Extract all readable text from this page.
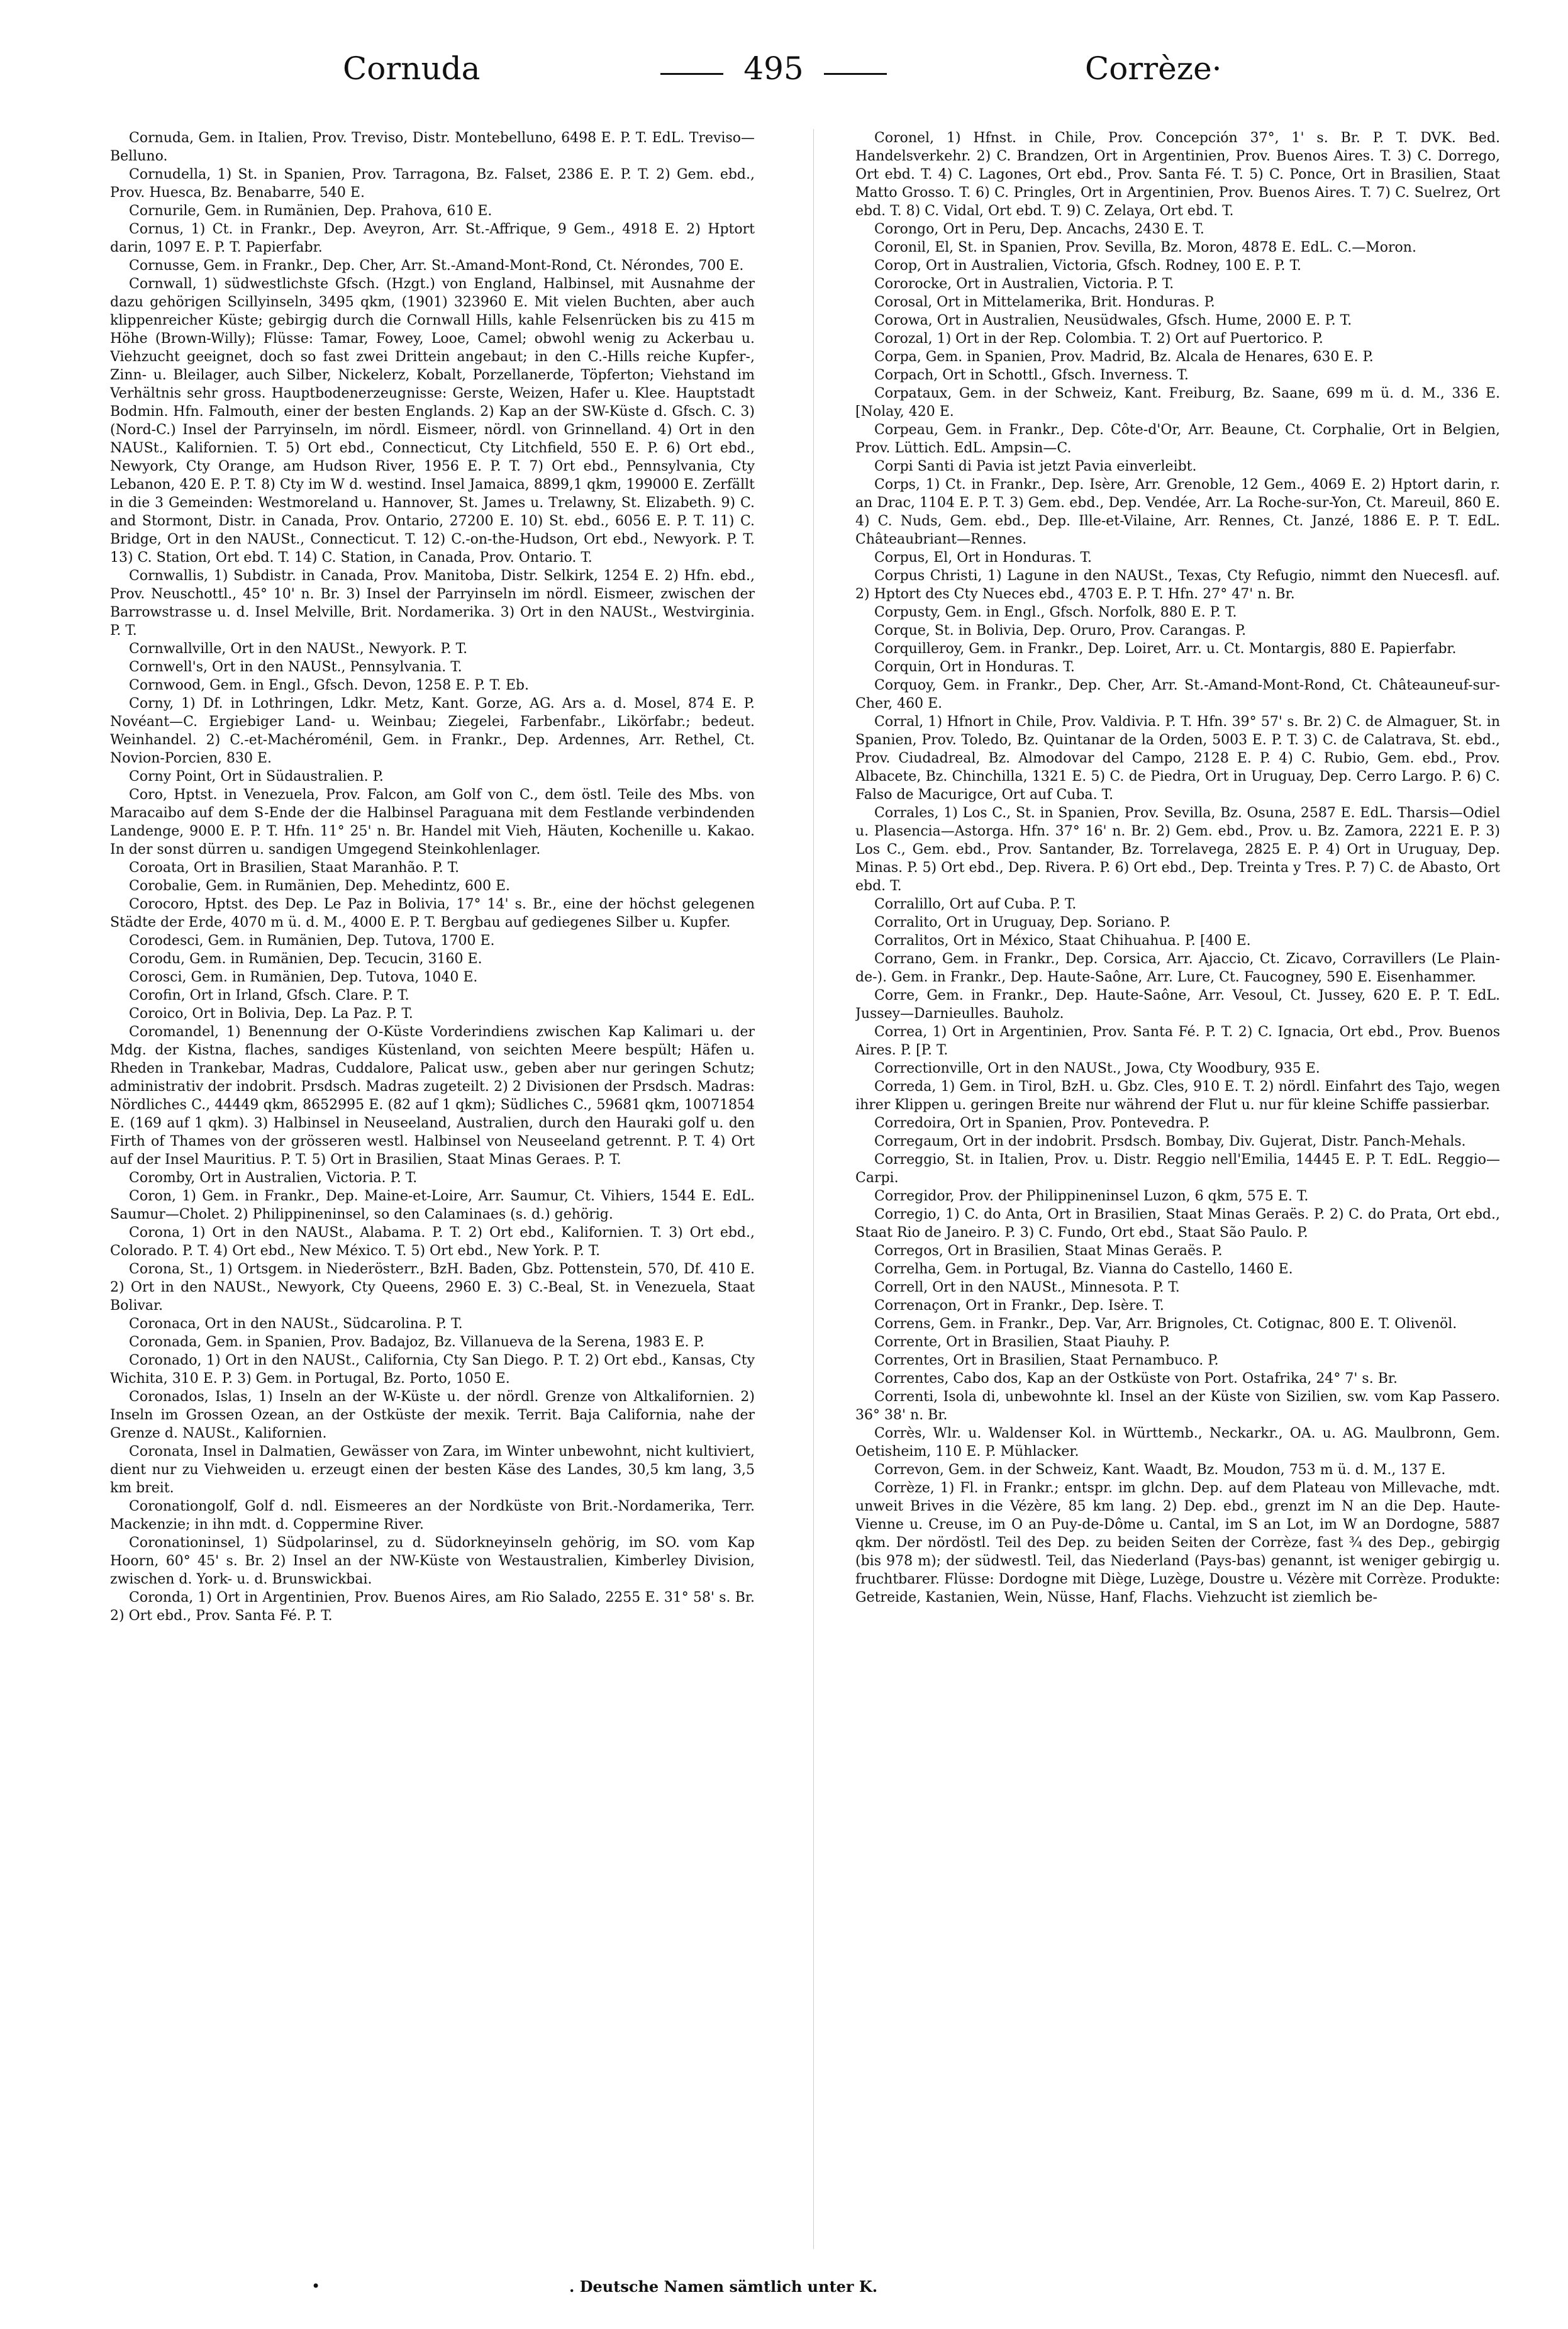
Cornuda	495	Corrèze·

Cornuda, Gem. in Italien, Prov. Treviso, Distr. Montebelluno, 6498 E. P. T. EdL. Treviso—Belluno.

Cornudella, 1) St. in Spanien, Prov. Tarragona, Bz. Falset, 2386 E. P. T. 2) Gem. ebd., Prov. Huesca, Bz. Benabarre, 540 E.

Cornurile, Gem. in Rumänien, Dep. Prahova, 610 E.

Cornus, 1) Ct. in Frankr., Dep. Aveyron, Arr. St.-Affrique, 9 Gem., 4918 E. 2) Hptort darin, 1097 E. P. T. Papierfabr.

Cornusse, Gem. in Frankr., Dep. Cher, Arr. St.-Amand-Mont-Rond, Ct. Nérondes, 700 E.

Cornwall, 1) südwestlichste Gfsch. (Hzgt.) von England, Halbinsel, mit Ausnahme der dazu gehörigen Scillyinseln, 3495 qkm, (1901) 323960 E. Mit vielen Buchten, aber auch klippenreicher Küste; gebirgig durch die Cornwall Hills, kahle Felsenrücken bis zu 415 m Höhe (Brown-Willy); Flüsse: Tamar, Fowey, Looe, Camel; obwohl wenig zu Ackerbau u. Viehzucht geeignet, doch so fast zwei Drittein angebaut; in den C.-Hills reiche Kupfer-, Zinn- u. Bleilager, auch Silber, Nickelerz, Kobalt, Porzellanerde, Töpferton; Viehstand im Verhältnis sehr gross. Hauptbodenerzeugnisse: Gerste, Weizen, Hafer u. Klee. Hauptstadt Bodmin. Hfn. Falmouth, einer der besten Englands. 2) Kap an der SW-Küste d. Gfsch. C. 3) (Nord-C.) Insel der Parryinseln, im nördl. Eismeer, nördl. von Grinnelland. 4) Ort in den NAUSt., Kalifornien. T. 5) Ort ebd., Connecticut, Cty Litchfield, 550 E. P. 6) Ort ebd., Newyork, Cty Orange, am Hudson River, 1956 E. P. T. 7) Ort ebd., Pennsylvania, Cty Lebanon, 420 E. P. T. 8) Cty im W d. westind. Insel Jamaica, 8899,1 qkm, 199000 E. Zerfällt in die 3 Gemeinden: Westmoreland u. Hannover, St. James u. Trelawny, St. Elizabeth. 9) C. and Stormont, Distr. in Canada, Prov. Ontario, 27200 E. 10) St. ebd., 6056 E. P. T. 11) C. Bridge, Ort in den NAUSt., Connecticut. T. 12) C.-on-the-Hudson, Ort ebd., Newyork. P. T. 13) C. Station, Ort ebd. T. 14) C. Station, in Canada, Prov. Ontario. T.

Cornwallis, 1) Subdistr. in Canada, Prov. Manitoba, Distr. Selkirk, 1254 E. 2) Hfn. ebd., Prov. Neuschottl., 45° 10' n. Br. 3) Insel der Parryinseln im nördl. Eismeer, zwischen der Barrowstrasse u. d. Insel Melville, Brit. Nordamerika. 3) Ort in den NAUSt., Westvirginia. P. T.

Cornwallville, Ort in den NAUSt., Newyork. P. T.

Cornwell's, Ort in den NAUSt., Pennsylvania. T.

Cornwood, Gem. in Engl., Gfsch. Devon, 1258 E. P. T. Eb.

Corny, 1) Df. in Lothringen, Ldkr. Metz, Kant. Gorze, AG. Ars a. d. Mosel, 874 E. P. Novéant—C. Ergiebiger Land- u. Weinbau; Ziegelei, Farbenfabr., Likörfabr.; bedeut. Weinhandel. 2) C.-et-Machéroménil, Gem. in Frankr., Dep. Ardennes, Arr. Rethel, Ct. Novion-Porcien, 830 E.

Corny Point, Ort in Südaustralien. P.

Coro, Hptst. in Venezuela, Prov. Falcon, am Golf von C., dem östl. Teile des Mbs. von Maracaibo auf dem S-Ende der die Halbinsel Paraguana mit dem Festlande verbindenden Landenge, 9000 E. P. T. Hfn. 11° 25' n. Br. Handel mit Vieh, Häuten, Kochenille u. Kakao. In der sonst dürren u. sandigen Umgegend Steinkohlenlager.

Coroata, Ort in Brasilien, Staat Maranhão. P. T.

Corobalie, Gem. in Rumänien, Dep. Mehedintz, 600 E.

Corocoro, Hptst. des Dep. Le Paz in Bolivia, 17° 14' s. Br., eine der höchst gelegenen Städte der Erde, 4070 m ü. d. M., 4000 E. P. T. Bergbau auf gediegenes Silber u. Kupfer.

Corodesci, Gem. in Rumänien, Dep. Tutova, 1700 E.

Corodu, Gem. in Rumänien, Dep. Tecucin, 3160 E.

Corosci, Gem. in Rumänien, Dep. Tutova, 1040 E.

Corofin, Ort in Irland, Gfsch. Clare. P. T.

Coroico, Ort in Bolivia, Dep. La Paz. P. T.

Coromandel, 1) Benennung der O-Küste Vorderindiens zwischen Kap Kalimari u. der Mdg. der Kistna, flaches, sandiges Küstenland, von seichten Meere bespült; Häfen u. Rheden in Trankebar, Madras, Cuddalore, Palicat usw., geben aber nur geringen Schutz; administrativ der indobrit. Prsdsch. Madras zugeteilt. 2) 2 Divisionen der Prsdsch. Madras: Nördliches C., 44449 qkm, 8652995 E. (82 auf 1 qkm); Südliches C., 59681 qkm, 10071854 E. (169 auf 1 qkm). 3) Halbinsel in Neuseeland, Australien, durch den Hauraki golf u. den Firth of Thames von der grösseren westl. Halbinsel von Neuseeland getrennt. P. T. 4) Ort auf der Insel Mauritius. P. T. 5) Ort in Brasilien, Staat Minas Geraes. P. T.

Coromby, Ort in Australien, Victoria. P. T.

Coron, 1) Gem. in Frankr., Dep. Maine-et-Loire, Arr. Saumur, Ct. Vihiers, 1544 E. EdL. Saumur—Cholet. 2) Philippineninsel, so den Calaminaes (s. d.) gehörig.

Corona, 1) Ort in den NAUSt., Alabama. P. T. 2) Ort ebd., Kalifornien. T. 3) Ort ebd., Colorado. P. T. 4) Ort ebd., New México. T. 5) Ort ebd., New York. P. T.

Corona, St., 1) Ortsgem. in Niederösterr., BzH. Baden, Gbz. Pottenstein, 570, Df. 410 E. 2) Ort in den NAUSt., Newyork, Cty Queens, 2960 E. 3) C.-Beal, St. in Venezuela, Staat Bolivar.

Coronaca, Ort in den NAUSt., Südcarolina. P. T.

Coronada, Gem. in Spanien, Prov. Badajoz, Bz. Villanueva de la Serena, 1983 E. P.

Coronado, 1) Ort in den NAUSt., California, Cty San Diego. P. T. 2) Ort ebd., Kansas, Cty Wichita, 310 E. P. 3) Gem. in Portugal, Bz. Porto, 1050 E.

Coronados, Islas, 1) Inseln an der W-Küste u. der nördl. Grenze von Altkalifornien. 2) Inseln im Grossen Ozean, an der Ostküste der mexik. Territ. Baja California, nahe der Grenze d. NAUSt., Kalifornien.

Coronata, Insel in Dalmatien, Gewässer von Zara, im Winter unbewohnt, nicht kultiviert, dient nur zu Viehweiden u. erzeugt einen der besten Käse des Landes, 30,5 km lang, 3,5 km breit.

Coronationgolf, Golf d. ndl. Eismeeres an der Nordküste von Brit.-Nordamerika, Terr. Mackenzie; in ihn mdt. d. Coppermine River.

Coronationinsel, 1) Südpolarinsel, zu d. Südorkneyinseln gehörig, im SO. vom Kap Hoorn, 60° 45' s. Br. 2) Insel an der NW-Küste von Westaustralien, Kimberley Division, zwischen d. York- u. d. Brunswickbai.

Coronda, 1) Ort in Argentinien, Prov. Buenos Aires, am Rio Salado, 2255 E. 31° 58' s. Br. 2) Ort ebd., Prov. Santa Fé. P. T.

Coronel, 1) Hfnst. in Chile, Prov. Concepción 37°, 1' s. Br. P. T. DVK. Bed. Handelsverkehr. 2) C. Brandzen, Ort in Argentinien, Prov. Buenos Aires. T. 3) C. Dorrego, Ort ebd. T. 4) C. Lagones, Ort ebd., Prov. Santa Fé. T. 5) C. Ponce, Ort in Brasilien, Staat Matto Grosso. T. 6) C. Pringles, Ort in Argentinien, Prov. Buenos Aires. T. 7) C. Suelrez, Ort ebd. T. 8) C. Vidal, Ort ebd. T. 9) C. Zelaya, Ort ebd. T.

Corongo, Ort in Peru, Dep. Ancachs, 2430 E. T.

Coronil, El, St. in Spanien, Prov. Sevilla, Bz. Moron, 4878 E. EdL. C.—Moron.

Corop, Ort in Australien, Victoria, Gfsch. Rodney, 100 E. P. T.

Cororocke, Ort in Australien, Victoria. P. T.

Corosal, Ort in Mittelamerika, Brit. Honduras. P.

Corowa, Ort in Australien, Neusüdwales, Gfsch. Hume, 2000 E. P. T.

Corozal, 1) Ort in der Rep. Colombia. T. 2) Ort auf Puertorico. P.

Corpa, Gem. in Spanien, Prov. Madrid, Bz. Alcala de Henares, 630 E. P.

Corpach, Ort in Schottl., Gfsch. Inverness. T.

Corpataux, Gem. in der Schweiz, Kant. Freiburg, Bz. Saane, 699 m ü. d. M., 336 E. [Nolay, 420 E.

Corpeau, Gem. in Frankr., Dep. Côte-d'Or, Arr. Beaune, Ct. Corphalie, Ort in Belgien, Prov. Lüttich. EdL. Ampsin—C.

Corpi Santi di Pavia ist jetzt Pavia einverleibt.

Corps, 1) Ct. in Frankr., Dep. Isère, Arr. Grenoble, 12 Gem., 4069 E. 2) Hptort darin, r. an Drac, 1104 E. P. T. 3) Gem. ebd., Dep. Vendée, Arr. La Roche-sur-Yon, Ct. Mareuil, 860 E. 4) C. Nuds, Gem. ebd., Dep. Ille-et-Vilaine, Arr. Rennes, Ct. Janzé, 1886 E. P. T. EdL. Châteaubriant—Rennes.

Corpus, El, Ort in Honduras. T.

Corpus Christi, 1) Lagune in den NAUSt., Texas, Cty Refugio, nimmt den Nuecesfl. auf. 2) Hptort des Cty Nueces ebd., 4703 E. P. T. Hfn. 27° 47' n. Br.

Corpusty, Gem. in Engl., Gfsch. Norfolk, 880 E. P. T.

Corque, St. in Bolivia, Dep. Oruro, Prov. Carangas. P.

Corquilleroy, Gem. in Frankr., Dep. Loiret, Arr. u. Ct. Montargis, 880 E. Papierfabr.

Corquin, Ort in Honduras. T.

Corquoy, Gem. in Frankr., Dep. Cher, Arr. St.-Amand-Mont-Rond, Ct. Châteauneuf-sur-Cher, 460 E.

Corral, 1) Hfnort in Chile, Prov. Valdivia. P. T. Hfn. 39° 57' s. Br. 2) C. de Almaguer, St. in Spanien, Prov. Toledo, Bz. Quintanar de la Orden, 5003 E. P. T. 3) C. de Calatrava, St. ebd., Prov. Ciudadreal, Bz. Almodovar del Campo, 2128 E. P. 4) C. Rubio, Gem. ebd., Prov. Albacete, Bz. Chinchilla, 1321 E. 5) C. de Piedra, Ort in Uruguay, Dep. Cerro Largo. P. 6) C. Falso de Macurigce, Ort auf Cuba. T.

Corrales, 1) Los C., St. in Spanien, Prov. Sevilla, Bz. Osuna, 2587 E. EdL. Tharsis—Odiel u. Plasencia—Astorga. Hfn. 37° 16' n. Br. 2) Gem. ebd., Prov. u. Bz. Zamora, 2221 E. P. 3) Los C., Gem. ebd., Prov. Santander, Bz. Torrelavega, 2825 E. P. 4) Ort in Uruguay, Dep. Minas. P. 5) Ort ebd., Dep. Rivera. P. 6) Ort ebd., Dep. Treinta y Tres. P. 7) C. de Abasto, Ort ebd. T.

Corralillo, Ort auf Cuba. P. T.

Corralito, Ort in Uruguay, Dep. Soriano. P.

Corralitos, Ort in México, Staat Chihuahua. P. [400 E.

Corrano, Gem. in Frankr., Dep. Corsica, Arr. Ajaccio, Ct. Zicavo, Corravillers (Le Plain-de-). Gem. in Frankr., Dep. Haute-Saône, Arr. Lure, Ct. Faucogney, 590 E. Eisenhammer.

Corre, Gem. in Frankr., Dep. Haute-Saône, Arr. Vesoul, Ct. Jussey, 620 E. P. T. EdL. Jussey—Darnieulles. Bauholz.

Correa, 1) Ort in Argentinien, Prov. Santa Fé. P. T. 2) C. Ignacia, Ort ebd., Prov. Buenos Aires. P. [P. T.

Correctionville, Ort in den NAUSt., Jowa, Cty Woodbury, 935 E.

Correda, 1) Gem. in Tirol, BzH. u. Gbz. Cles, 910 E. T. 2) nördl. Einfahrt des Tajo, wegen ihrer Klippen u. geringen Breite nur während der Flut u. nur für kleine Schiffe passierbar.

Corredoira, Ort in Spanien, Prov. Pontevedra. P.

Corregaum, Ort in der indobrit. Prsdsch. Bombay, Div. Gujerat, Distr. Panch-Mehals.

Correggio, St. in Italien, Prov. u. Distr. Reggio nell'Emilia, 14445 E. P. T. EdL. Reggio—Carpi.

Corregidor, Prov. der Philippineninsel Luzon, 6 qkm, 575 E. T.

Corregio, 1) C. do Anta, Ort in Brasilien, Staat Minas Geraës. P. 2) C. do Prata, Ort ebd., Staat Rio de Janeiro. P. 3) C. Fundo, Ort ebd., Staat São Paulo. P.

Corregos, Ort in Brasilien, Staat Minas Geraës. P.

Correlha, Gem. in Portugal, Bz. Vianna do Castello, 1460 E.

Correll, Ort in den NAUSt., Minnesota. P. T.

Correnaçon, Ort in Frankr., Dep. Isère. T.

Correns, Gem. in Frankr., Dep. Var, Arr. Brignoles, Ct. Cotignac, 800 E. T. Olivenöl.

Corrente, Ort in Brasilien, Staat Piauhy. P.

Correntes, Ort in Brasilien, Staat Pernambuco. P.

Correntes, Cabo dos, Kap an der Ostküste von Port. Ostafrika, 24° 7' s. Br.

Correnti, Isola di, unbewohnte kl. Insel an der Küste von Sizilien, sw. vom Kap Passero. 36° 38' n. Br.

Corrès, Wlr. u. Waldenser Kol. in Württemb., Neckarkr., OA. u. AG. Maulbronn, Gem. Oetisheim, 110 E. P. Mühlacker.

Correvon, Gem. in der Schweiz, Kant. Waadt, Bz. Moudon, 753 m ü. d. M., 137 E.

Corrèze, 1) Fl. in Frankr.; entspr. im glchn. Dep. auf dem Plateau von Millevache, mdt. unweit Brives in die Vézère, 85 km lang. 2) Dep. ebd., grenzt im N an die Dep. Haute-Vienne u. Creuse, im O an Puy-de-Dôme u. Cantal, im S an Lot, im W an Dordogne, 5887 qkm. Der nördöstl. Teil des Dep. zu beiden Seiten der Corrèze, fast ¾ des Dep., gebirgig (bis 978 m); der südwestl. Teil, das Niederland (Pays-bas) genannt, ist weniger gebirgig u. fruchtbarer. Flüsse: Dordogne mit Diège, Luzège, Doustre u. Vézère mit Corrèze. Produkte: Getreide, Kastanien, Wein, Nüsse, Hanf, Flachs. Viehzucht ist ziemlich be-

•	. Deutsche Namen sämtlich unter K.
